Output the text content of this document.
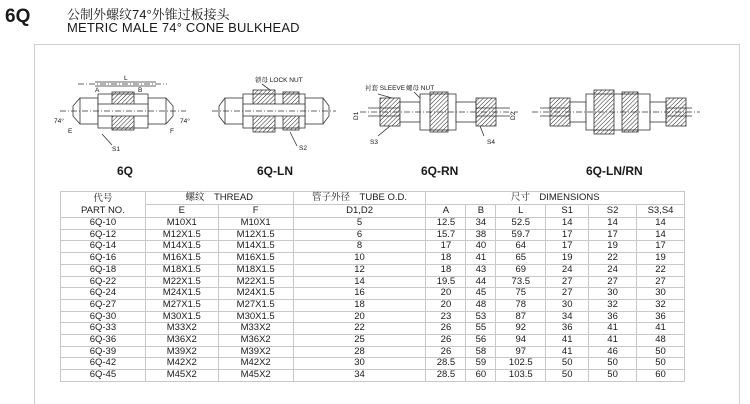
6Q	公制外螺纹74°外锥过板接头
METRIC MALE 74° CONE BULKHEAD
L
A	B
74°	74°
E	F
S1
锁母 LOCK NUT
S2
衬套 SLEEVE 螺母 NUT
D1	D2
S3	S4
6Q	6Q-LN	6Q-RN	6Q-LN/RN
代号
PART NO.	螺纹　THREAD		管子外径　TUBE O.D.	尺寸　DIMENSIONS					
	E	F	D1,D2	A	B	L	S1	S2	S3,S4
6Q-10	M10X1	M10X1	5	12.5	34	52.5	14	14	14
6Q-12	M12X1.5	M12X1.5	6	15.7	38	59.7	17	17	14
6Q-14	M14X1.5	M14X1.5	8	17	40	64	17	19	17
6Q-16	M16X1.5	M16X1.5	10	18	41	65	19	22	19
6Q-18	M18X1.5	M18X1.5	12	18	43	69	24	24	22
6Q-22	M22X1.5	M22X1.5	14	19.5	44	73.5	27	27	27
6Q-24	M24X1.5	M24X1.5	16	20	45	75	27	30	30
6Q-27	M27X1.5	M27X1.5	18	20	48	78	30	32	32
6Q-30	M30X1.5	M30X1.5	20	23	53	87	34	36	36
6Q-33	M33X2	M33X2	22	26	55	92	36	41	41
6Q-36	M36X2	M36X2	25	26	56	94	41	41	48
6Q-39	M39X2	M39X2	28	26	58	97	41	46	50
6Q-42	M42X2	M42X2	30	28.5	59	102.5	50	50	50
6Q-45	M45X2	M45X2	34	28.5	60	103.5	50	50	60
